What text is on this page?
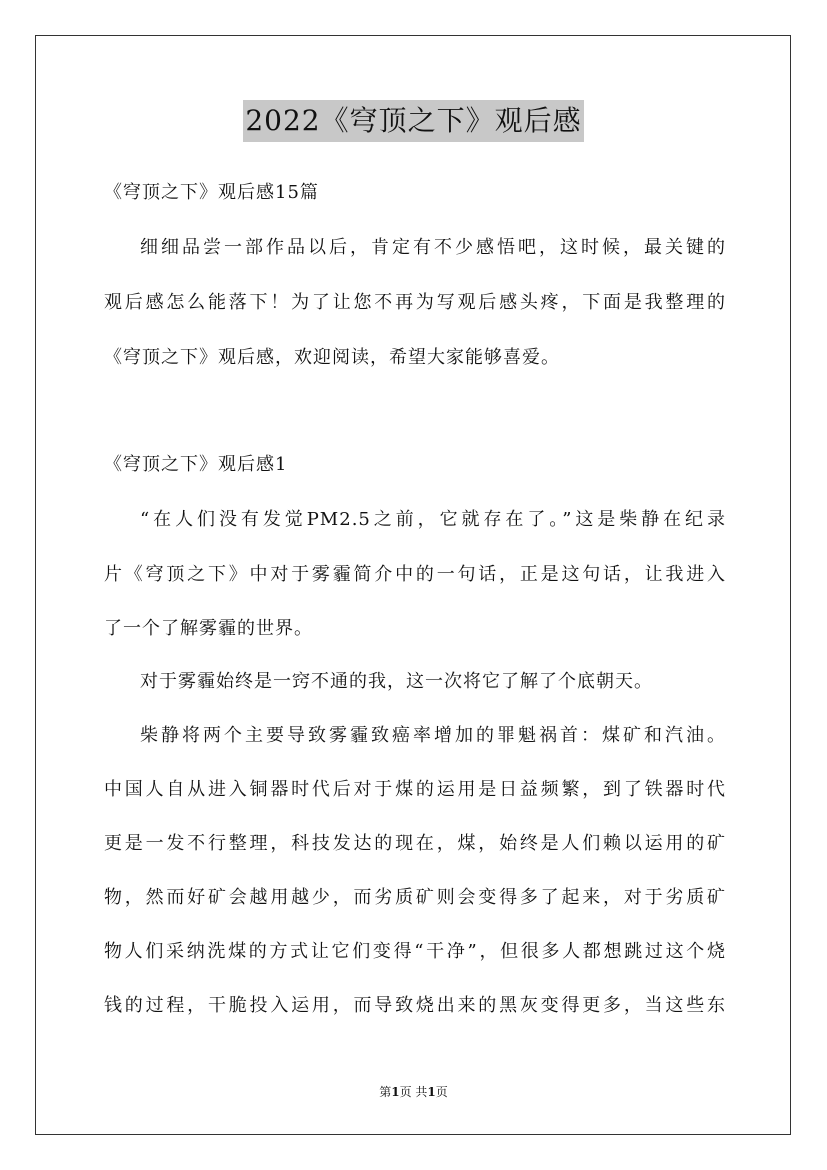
2022《穹顶之下》观后感
《穹顶之下》观后感15篇
细细品尝一部作品以后，肯定有不少感悟吧，这时候，最关键的
观后感怎么能落下！为了让您不再为写观后感头疼，下面是我整理的
《穹顶之下》观后感，欢迎阅读，希望大家能够喜爱。
《穹顶之下》观后感1
“在人们没有发觉PM2.5之前，它就存在了。”这是柴静在纪录
片《穹顶之下》中对于雾霾简介中的一句话，正是这句话，让我进入
了一个了解雾霾的世界。
对于雾霾始终是一窍不通的我，这一次将它了解了个底朝天。
柴静将两个主要导致雾霾致癌率增加的罪魁祸首：煤矿和汽油。
中国人自从进入铜器时代后对于煤的运用是日益频繁，到了铁器时代
更是一发不行整理，科技发达的现在，煤，始终是人们赖以运用的矿
物，然而好矿会越用越少，而劣质矿则会变得多了起来，对于劣质矿
物人们采纳洗煤的方式让它们变得“干净”，但很多人都想跳过这个烧
钱的过程，干脆投入运用，而导致烧出来的黑灰变得更多，当这些东
第1页 共1页
